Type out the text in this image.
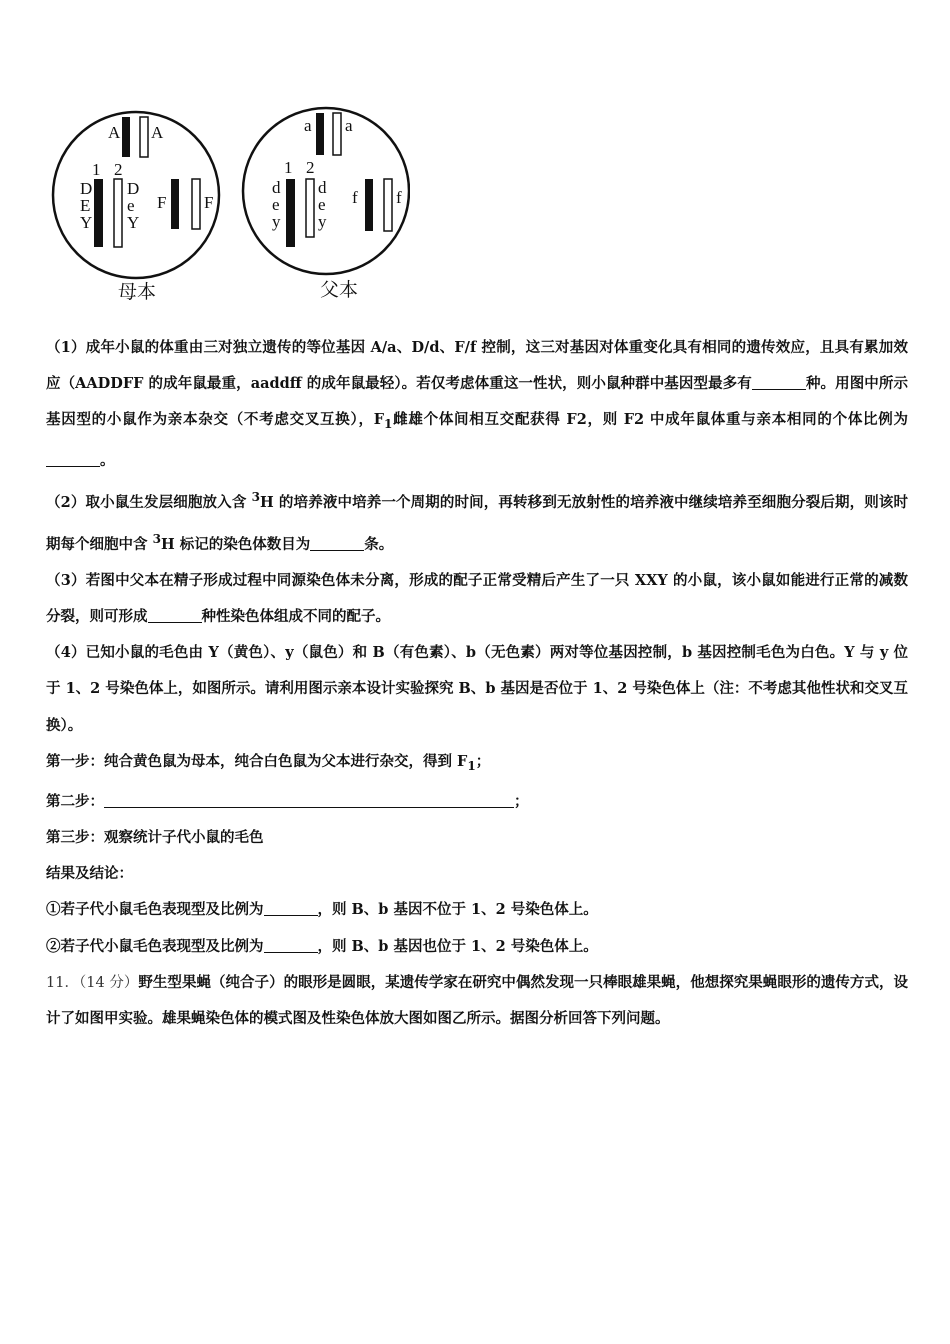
A A
1 2
D
E
Y
D
e
Y
F F
母本
a a
1 2
d
e
y
d
e
y
f f
父本

（1）成年小鼠的体重由三对独立遗传的等位基因 A/a、D/d、F/f 控制，这三对基因对体重变化具有相同的遗传效应，且具有累加效应（AADDFF 的成年鼠最重，aaddff 的成年鼠最轻）。若仅考虑体重这一性状，则小鼠种群中基因型最多有	种。用图中所示基因型的小鼠作为亲本杂交（不考虑交叉互换），$F_1$雌雄个体间相互交配获得 F2，则 F2 中成年鼠体重与亲本相同的个体比例为。

（2）取小鼠生发层细胞放入含 $^3$H 的培养液中培养一个周期的时间，再转移到无放射性的培养液中继续培养至细胞分裂后期，则该时期每个细胞中含 $^3$H 标记的染色体数目为	条。

（3）若图中父本在精子形成过程中同源染色体未分离，形成的配子正常受精后产生了一只 XXY 的小鼠，该小鼠如能进行正常的减数分裂，则可形成	种性染色体组成不同的配子。

（4）已知小鼠的毛色由 Y（黄色）、y（鼠色）和 B（有色素）、b（无色素）两对等位基因控制，b 基因控制毛色为白色。Y 与 y 位于 1、2 号染色体上，如图所示。请利用图示亲本设计实验探究 B、b 基因是否位于 1、2 号染色体上（注：不考虑其他性状和交叉互换）。

第一步：纯合黄色鼠为母本，纯合白色鼠为父本进行杂交，得到 $F_1$；

第二步：	；

第三步：观察统计子代小鼠的毛色

结果及结论：

①若子代小鼠毛色表现型及比例为	，则 B、b 基因不位于 1、2 号染色体上。

②若子代小鼠毛色表现型及比例为	，则 B、b 基因也位于 1、2 号染色体上。

11．（14 分）野生型果蝇（纯合子）的眼形是圆眼，某遗传学家在研究中偶然发现一只棒眼雄果蝇，他想探究果蝇眼形的遗传方式，设计了如图甲实验。雄果蝇染色体的模式图及性染色体放大图如图乙所示。据图分析回答下列问题。
